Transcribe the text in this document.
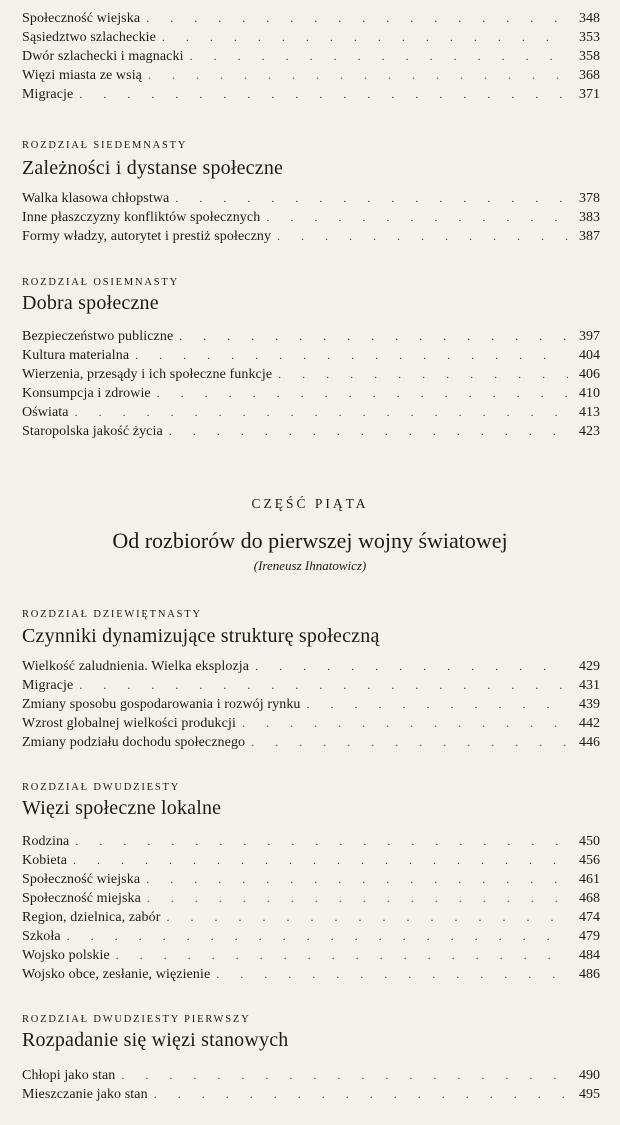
Społeczność wiejska . . .	348
Sąsiedztwo szlacheckie . . .	353
Dwór szlachecki i magnacki . . .	358
Więzi miasta ze wsią . . .	368
Migracje . . .	371
ROZDZIAŁ SIEDEMNASTY
Zależności i dystanse społeczne
Walka klasowa chłopstwa . . .	378
Inne płaszczyzny konfliktów społecznych . . .	383
Formy władzy, autorytet i prestiż społeczny . . .	387
ROZDZIAŁ OSIEMNASTY
Dobra społeczne
Bezpieczeństwo publiczne . . .	397
Kultura materialna . . .	404
Wierzenia, przesądy i ich społeczne funkcje . . .	406
Konsumpcja i zdrowie . . .	410
Oświata . . .	413
Staropolska jakość życia . . .	423
CZĘŚĆ PIĄTA
Od rozbiorów do pierwszej wojny światowej
(Ireneusz Ihnatowicz)
ROZDZIAŁ DZIEWIĘTNASTY
Czynniki dynamizujące strukturę społeczną
Wielkość zaludnienia. Wielka eksplozja . . .	429
Migracje . . .	431
Zmiany sposobu gospodarowania i rozwój rynku . . .	439
Wzrost globalnej wielkości produkcji . . .	442
Zmiany podziału dochodu społecznego . . .	446
ROZDZIAŁ DWUDZIESTY
Więzi społeczne lokalne
Rodzina . . .	450
Kobieta . . .	456
Społeczność wiejska . . .	461
Społeczność miejska . . .	468
Region, dzielnica, zabór . . .	474
Szkoła . . .	479
Wojsko polskie . . .	484
Wojsko obce, zesłanie, więzienie . . .	486
ROZDZIAŁ DWUDZIESTY PIERWSZY
Rozpadanie się więzi stanowych
Chłopi jako stan . . .	490
Mieszczanie jako stan . . .	495
